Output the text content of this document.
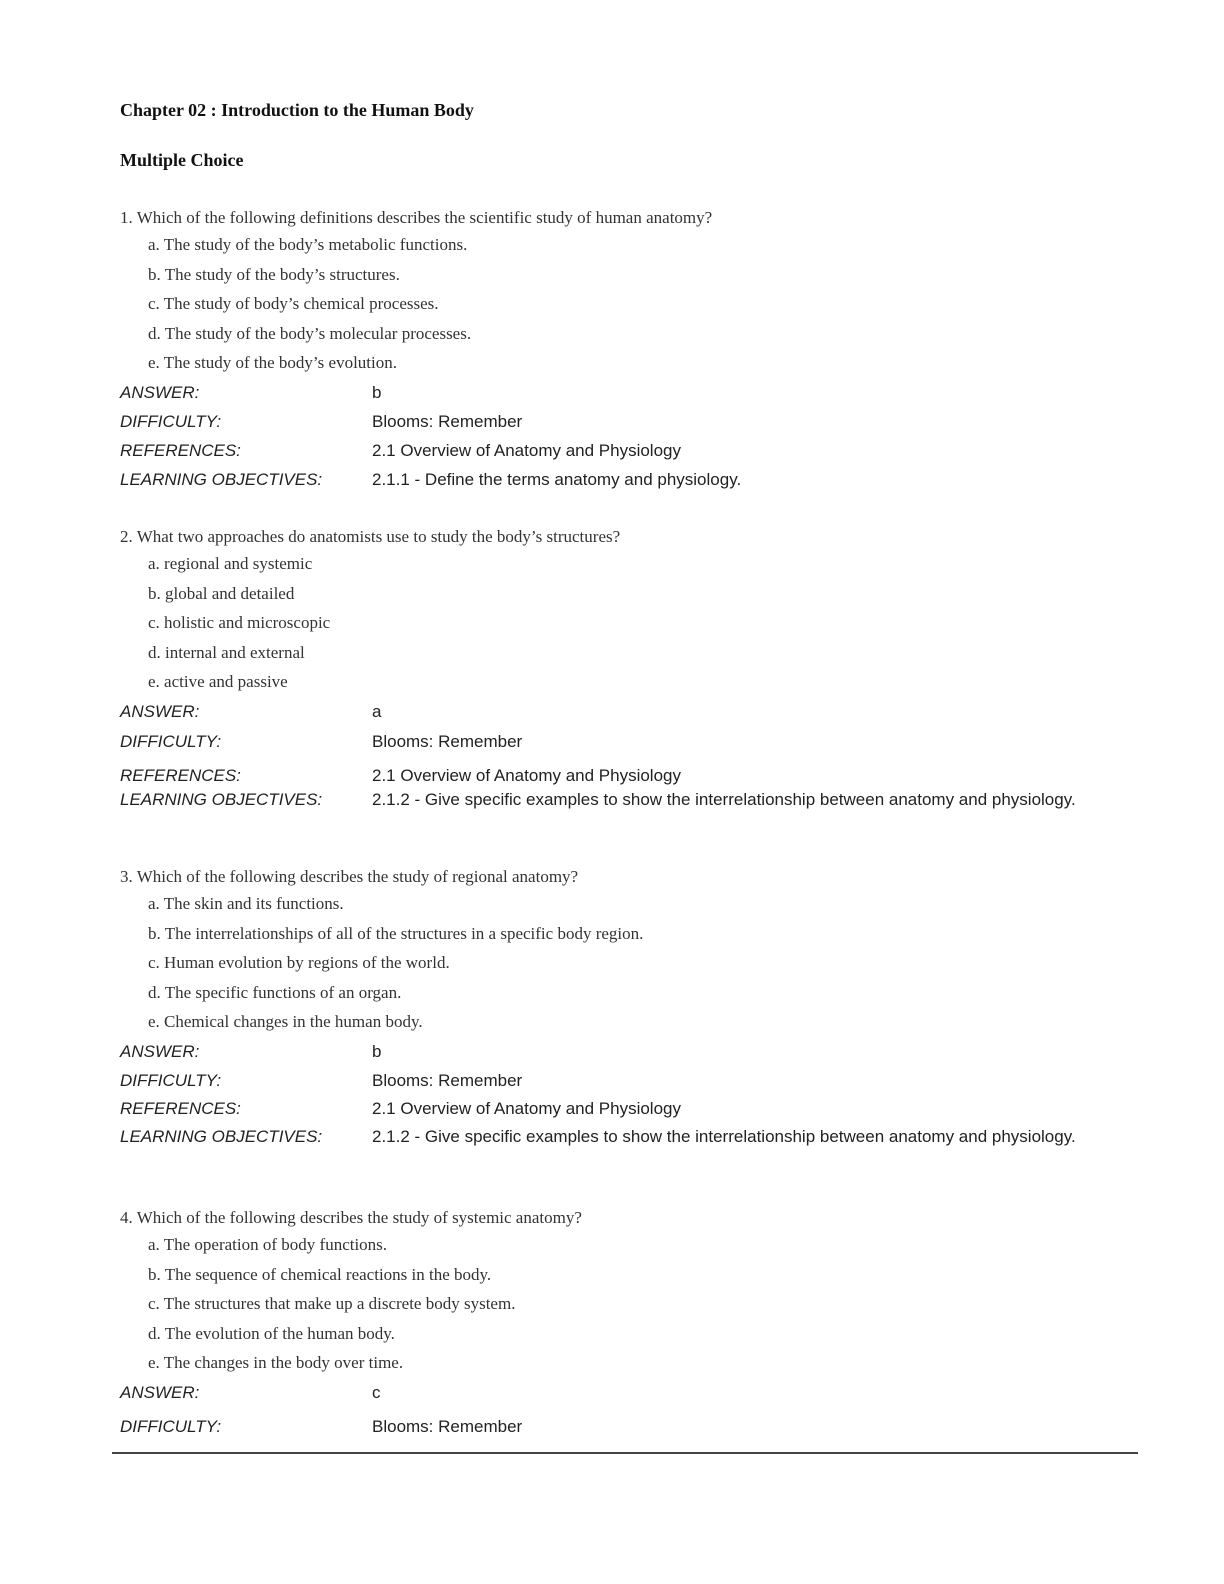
Chapter 02 : Introduction to the Human Body
Multiple Choice
1. Which of the following definitions describes the scientific study of human anatomy?
a. The study of the body’s metabolic functions.
b. The study of the body’s structures.
c. The study of body’s chemical processes.
d. The study of the body’s molecular processes.
e. The study of the body’s evolution.
ANSWER:	b
DIFFICULTY:	Blooms: Remember
REFERENCES:	2.1 Overview of Anatomy and Physiology
LEARNING OBJECTIVES:	2.1.1 - Define the terms anatomy and physiology.
2. What two approaches do anatomists use to study the body’s structures?
a. regional and systemic
b. global and detailed
c. holistic and microscopic
d. internal and external
e. active and passive
ANSWER:	a
DIFFICULTY:	Blooms: Remember
REFERENCES:	2.1 Overview of Anatomy and Physiology
LEARNING OBJECTIVES:	2.1.2 - Give specific examples to show the interrelationship between anatomy and physiology.
3. Which of the following describes the study of regional anatomy?
a. The skin and its functions.
b. The interrelationships of all of the structures in a specific body region.
c. Human evolution by regions of the world.
d. The specific functions of an organ.
e. Chemical changes in the human body.
ANSWER:	b
DIFFICULTY:	Blooms: Remember
REFERENCES:	2.1 Overview of Anatomy and Physiology
LEARNING OBJECTIVES:	2.1.2 - Give specific examples to show the interrelationship between anatomy and physiology.
4. Which of the following describes the study of systemic anatomy?
a. The operation of body functions.
b. The sequence of chemical reactions in the body.
c. The structures that make up a discrete body system.
d. The evolution of the human body.
e. The changes in the body over time.
ANSWER:	c
DIFFICULTY:	Blooms: Remember
